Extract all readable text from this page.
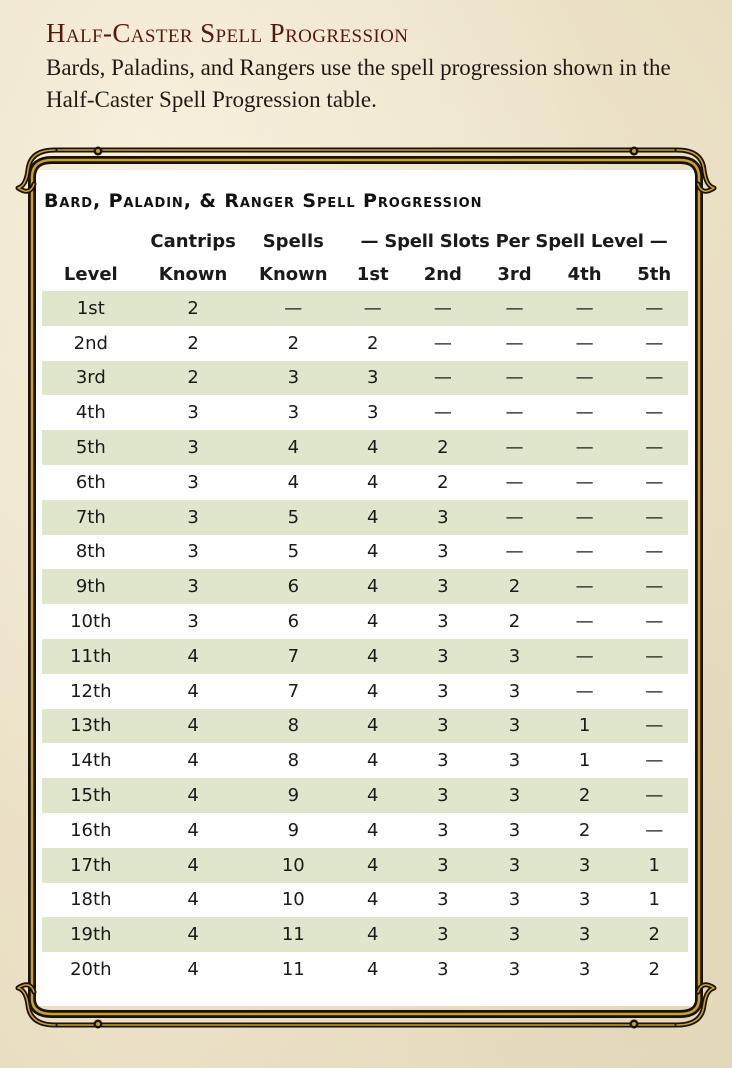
Half-Caster Spell Progression

Bards, Paladins, and Rangers use the spell progression shown in the Half-Caster Spell Progression table.

Bard, Paladin, & Ranger Spell Progression
	Cantrips	Spells	— Spell Slots Per Spell Level —				
Level	Known	Known	1st	2nd	3rd	4th	5th
1st	2	—	—	—	—	—	—
2nd	2	2	2	—	—	—	—
3rd	2	3	3	—	—	—	—
4th	3	3	3	—	—	—	—
5th	3	4	4	2	—	—	—
6th	3	4	4	2	—	—	—
7th	3	5	4	3	—	—	—
8th	3	5	4	3	—	—	—
9th	3	6	4	3	2	—	—
10th	3	6	4	3	2	—	—
11th	4	7	4	3	3	—	—
12th	4	7	4	3	3	—	—
13th	4	8	4	3	3	1	—
14th	4	8	4	3	3	1	—
15th	4	9	4	3	3	2	—
16th	4	9	4	3	3	2	—
17th	4	10	4	3	3	3	1
18th	4	10	4	3	3	3	1
19th	4	11	4	3	3	3	2
20th	4	11	4	3	3	3	2
